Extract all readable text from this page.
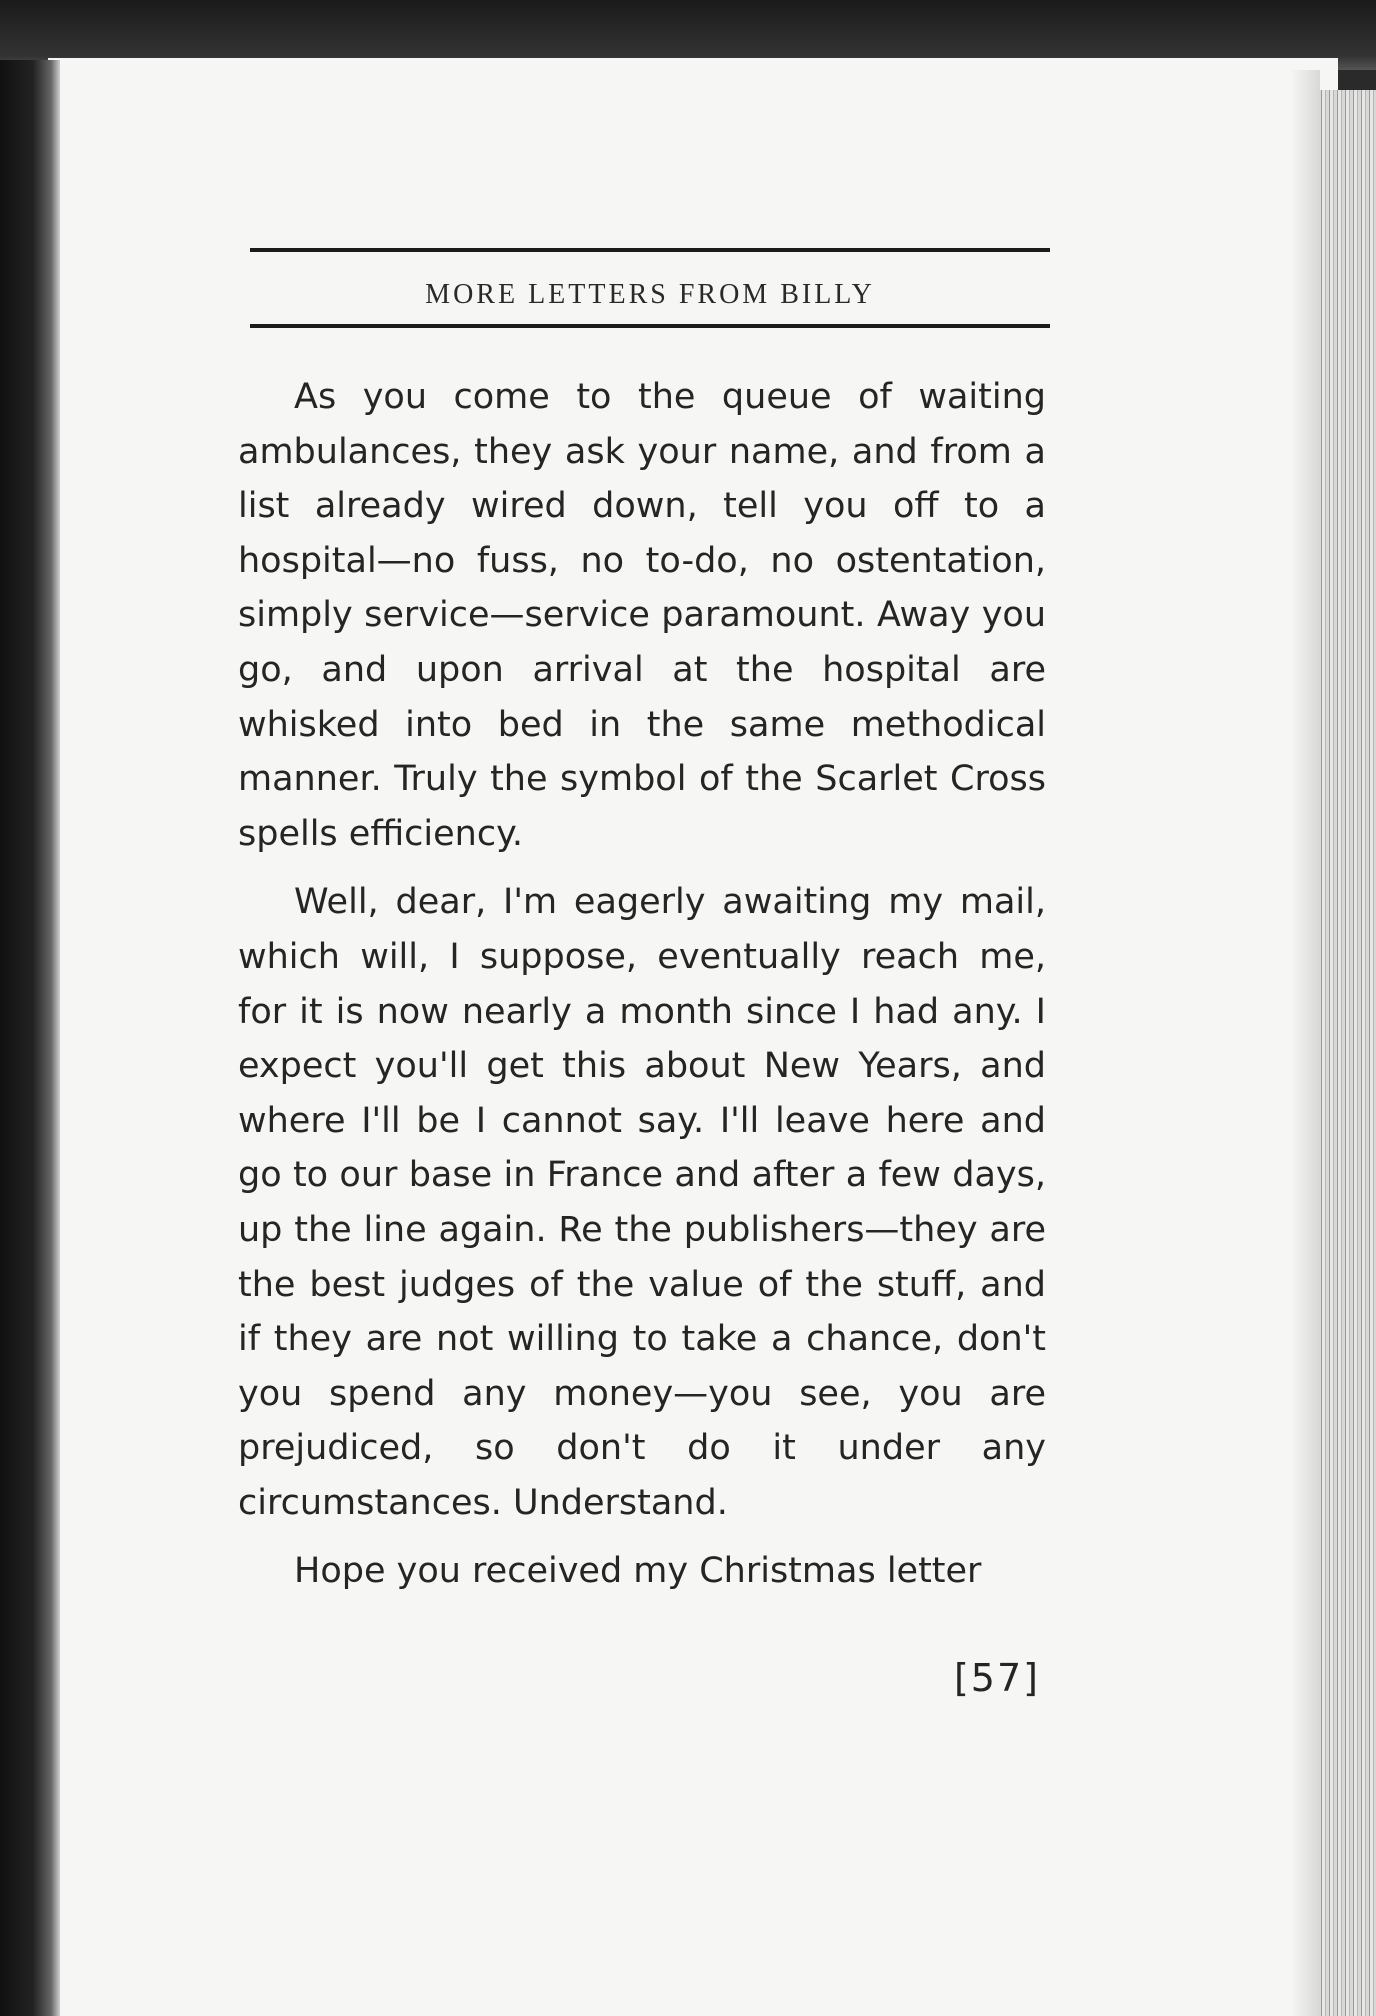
MORE LETTERS FROM BILLY

As you come to the queue of waiting ambulances, they ask your name, and from a list already wired down, tell you off to a hospital—no fuss, no to-do, no ostentation, simply service—service paramount. Away you go, and upon arrival at the hospital are whisked into bed in the same methodical manner. Truly the symbol of the Scarlet Cross spells efficiency.

Well, dear, I'm eagerly awaiting my mail, which will, I suppose, eventually reach me, for it is now nearly a month since I had any. I expect you'll get this about New Years, and where I'll be I cannot say. I'll leave here and go to our base in France and after a few days, up the line again. Re the publishers—they are the best judges of the value of the stuff, and if they are not willing to take a chance, don't you spend any money—you see, you are prejudiced, so don't do it under any circumstances. Understand.

Hope you received my Christmas letter

[57]
